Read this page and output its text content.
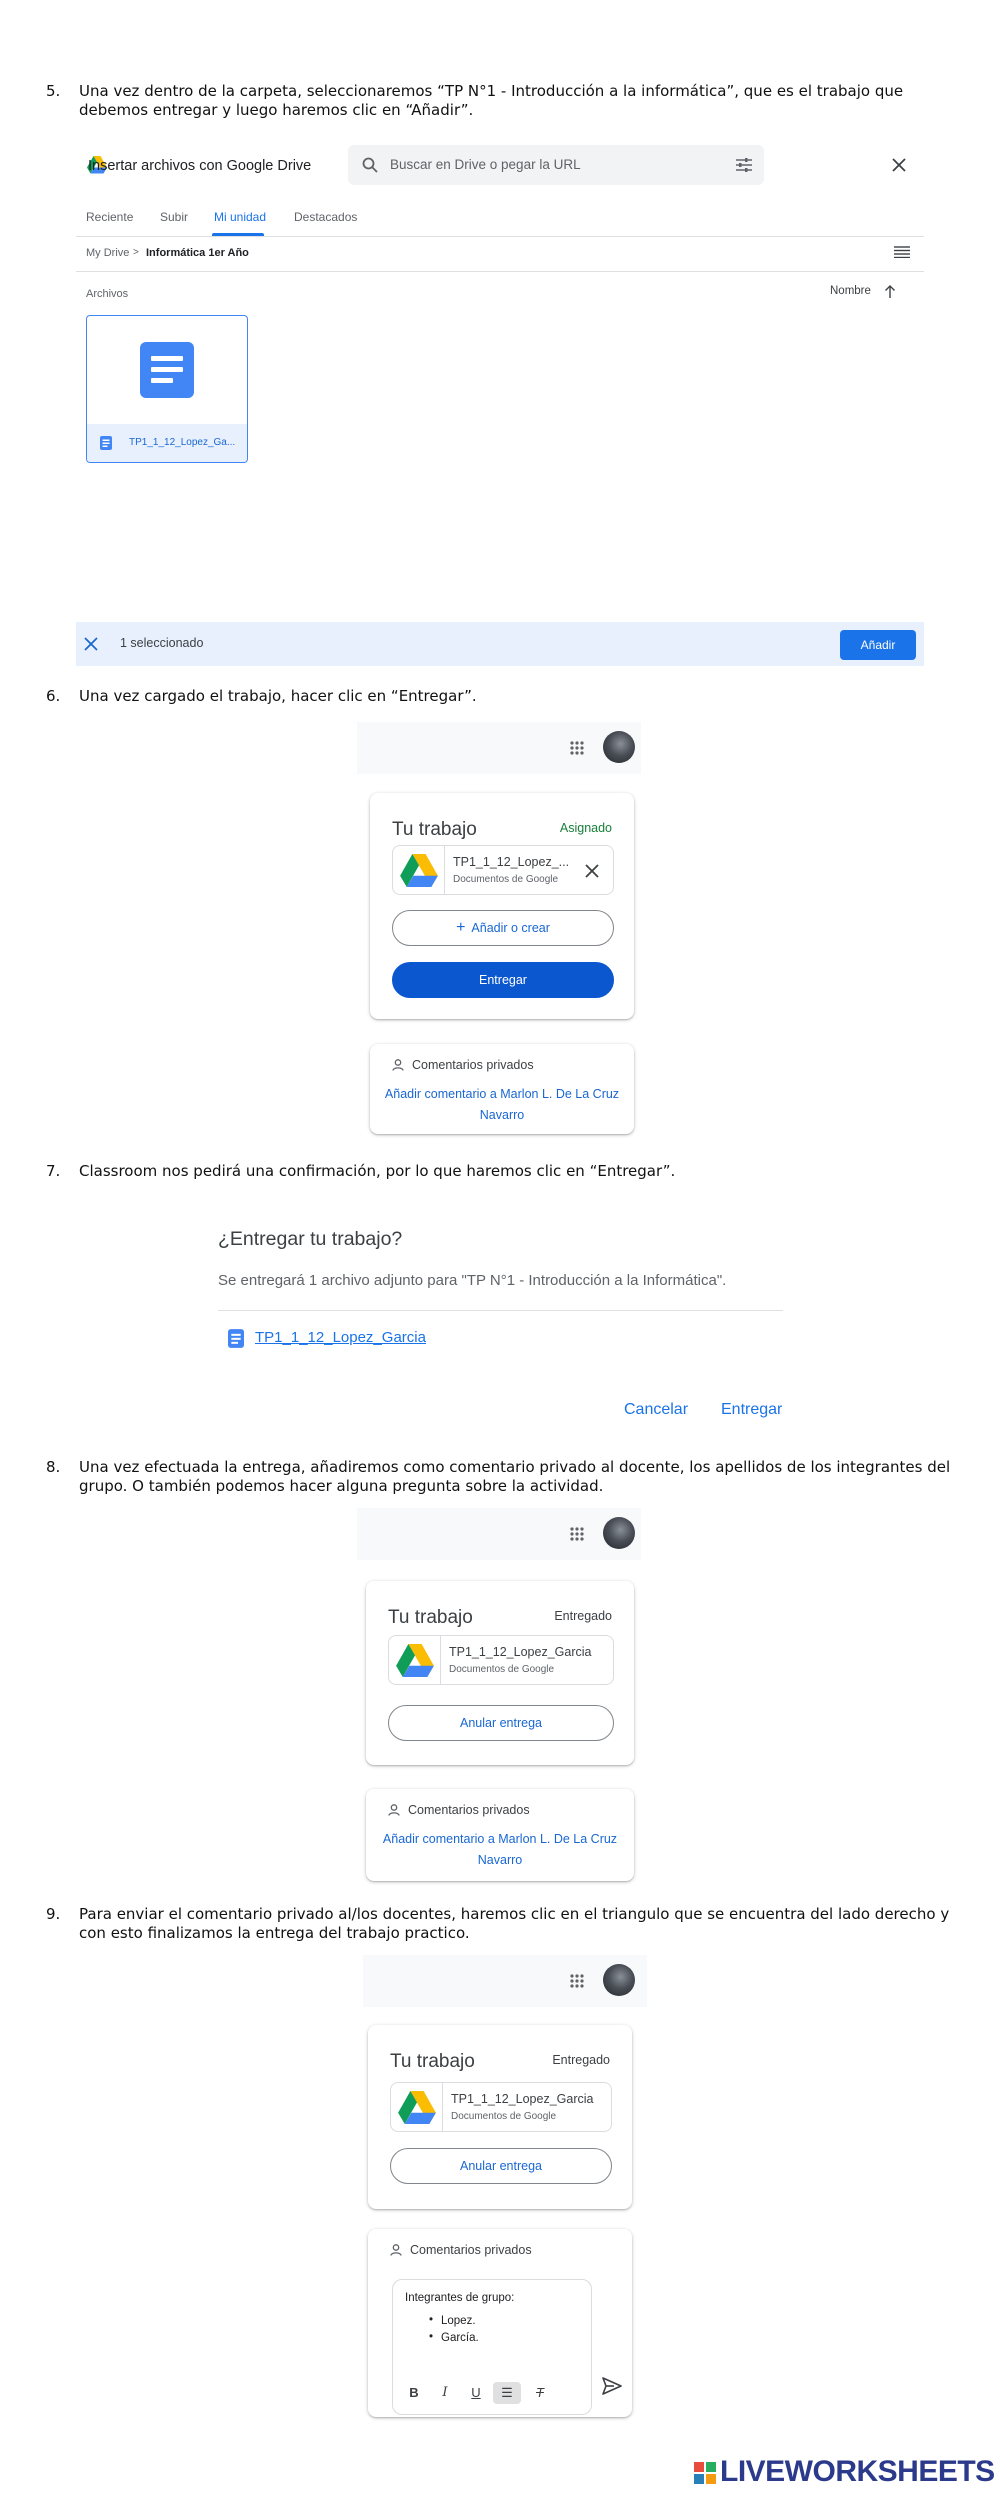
5. Una vez dentro de la carpeta, seleccionaremos “TP N°1 - Introducción a la informática”, que es el trabajo que debemos entregar y luego haremos clic en “Añadir”.
Insertar archivos con Google Drive	Buscar en Drive o pegar la URL
Reciente Subir Mi unidad Destacados
My Drive > Informática 1er Año
Archivos	Nombre
TP1_1_12_Lopez_Ga...
1 seleccionado	Añadir
6. Una vez cargado el trabajo, hacer clic en “Entregar”.
Tu trabajo	Asignado
TP1_1_12_Lopez_...
Documentos de Google
+ Añadir o crear
Entregar
Comentarios privados
Añadir comentario a Marlon L. De La Cruz Navarro
7. Classroom nos pedirá una confirmación, por lo que haremos clic en “Entregar”.
¿Entregar tu trabajo?
Se entregará 1 archivo adjunto para "TP N°1 - Introducción a la Informática".
TP1_1_12_Lopez_Garcia
Cancelar Entregar
8. Una vez efectuada la entrega, añadiremos como comentario privado al docente, los apellidos de los integrantes del grupo. O también podemos hacer alguna pregunta sobre la actividad.
Tu trabajo	Entregado
TP1_1_12_Lopez_Garcia
Documentos de Google
Anular entrega
Comentarios privados
Añadir comentario a Marlon L. De La Cruz Navarro
9. Para enviar el comentario privado al/los docentes, haremos clic en el triangulo que se encuentra del lado derecho y con esto finalizamos la entrega del trabajo practico.
Tu trabajo	Entregado
TP1_1_12_Lopez_Garcia
Documentos de Google
Anular entrega
Comentarios privados
Integrantes de grupo:
• Lopez.
• García.
B	I	U	☰	T
LIVEWORKSHEETS
